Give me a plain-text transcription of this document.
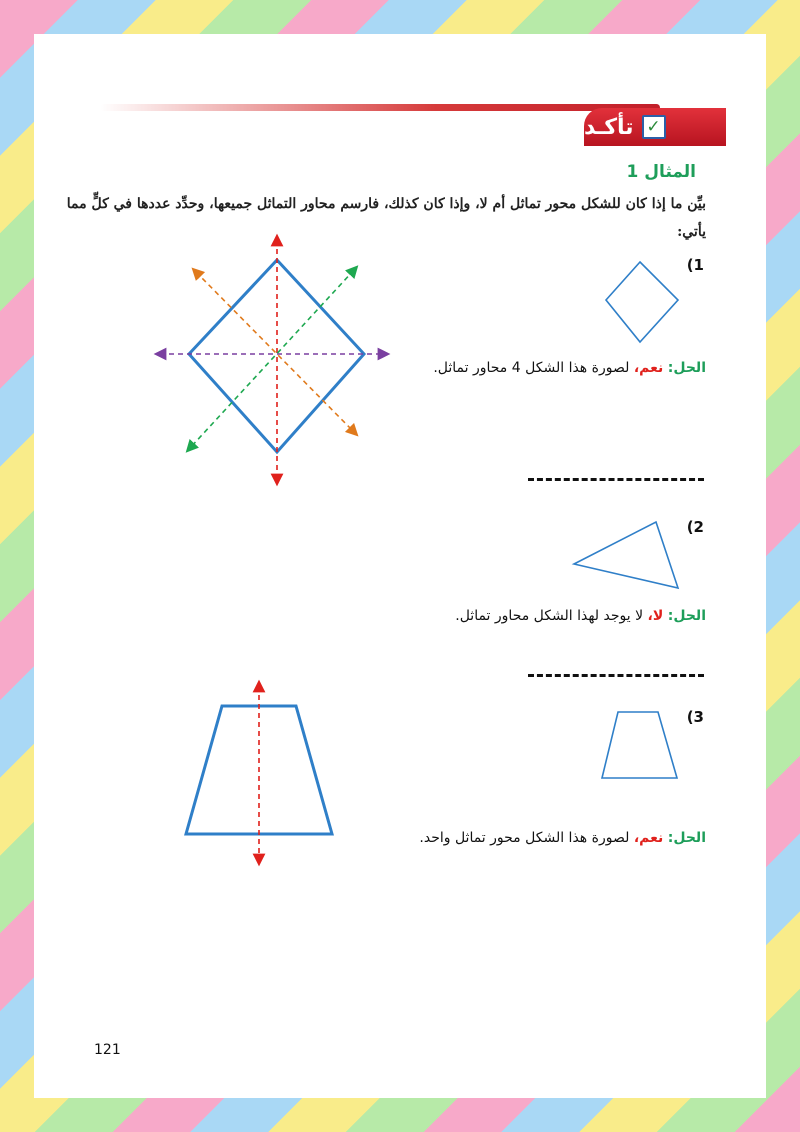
✓
تأكـد
المثال 1
بيِّن ما إذا كان للشكل محور تماثل أم لا، وإذا كان كذلك، فارسم محاور التماثل جميعها، وحدِّد عددها في كلٍّ مما يأتي:
(1
الحل: نعم، لصورة هذا الشكل 4 محاور تماثل.
(2
الحل: لا، لا يوجد لهذا الشكل محاور تماثل.
(3
الحل: نعم، لصورة هذا الشكل محور تماثل واحد.
121
